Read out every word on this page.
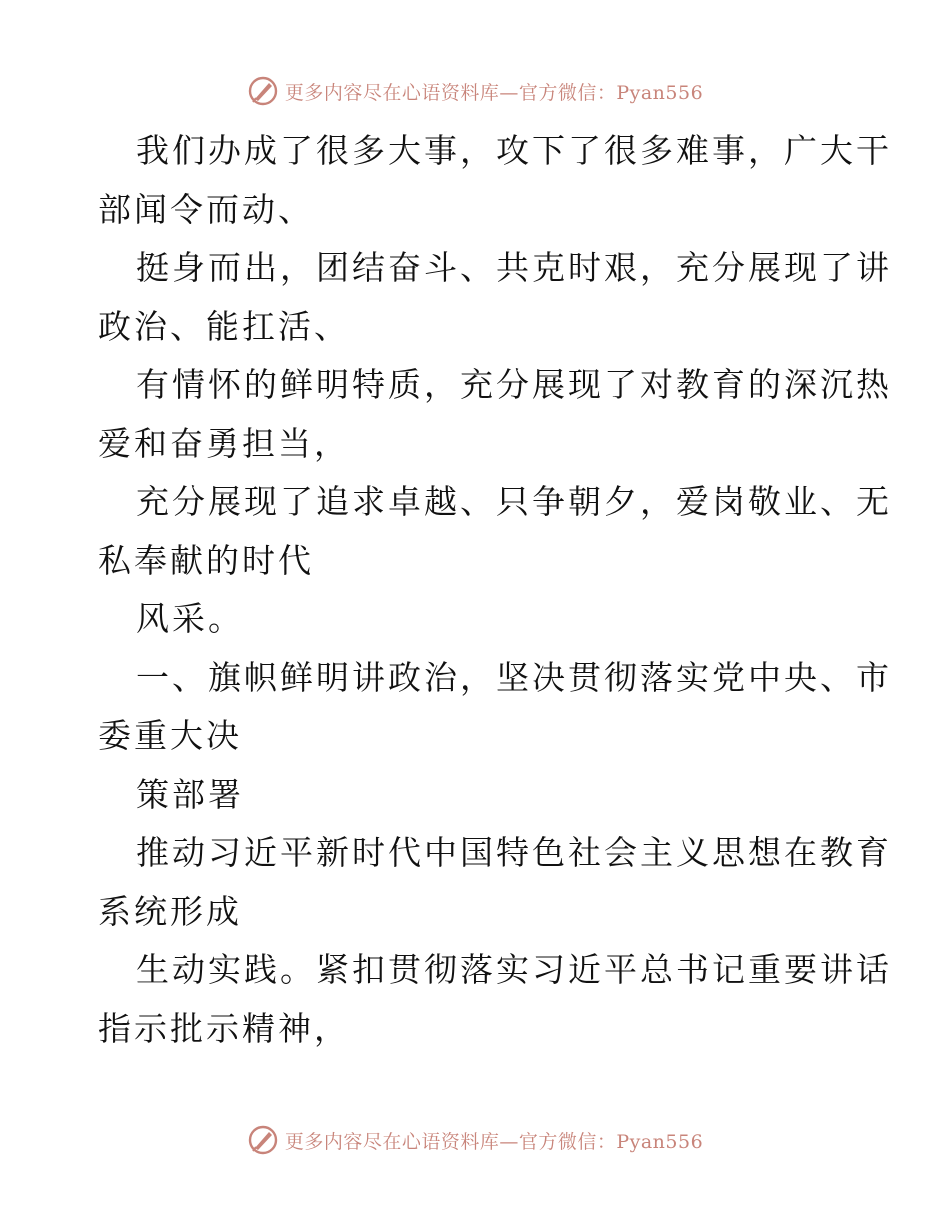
更多内容尽在心语资料库—官方微信：Pyan556
我们办成了很多大事，攻下了很多难事，广大干
部闻令而动、
挺身而出，团结奋斗、共克时艰，充分展现了讲
政治、能扛活、
有情怀的鲜明特质，充分展现了对教育的深沉热
爱和奋勇担当，
充分展现了追求卓越、只争朝夕，爱岗敬业、无
私奉献的时代
风采。
一、旗帜鲜明讲政治，坚决贯彻落实党中央、市
委重大决
策部署
推动习近平新时代中国特色社会主义思想在教育
系统形成
生动实践。紧扣贯彻落实习近平总书记重要讲话
指示批示精神，
更多内容尽在心语资料库—官方微信：Pyan556
